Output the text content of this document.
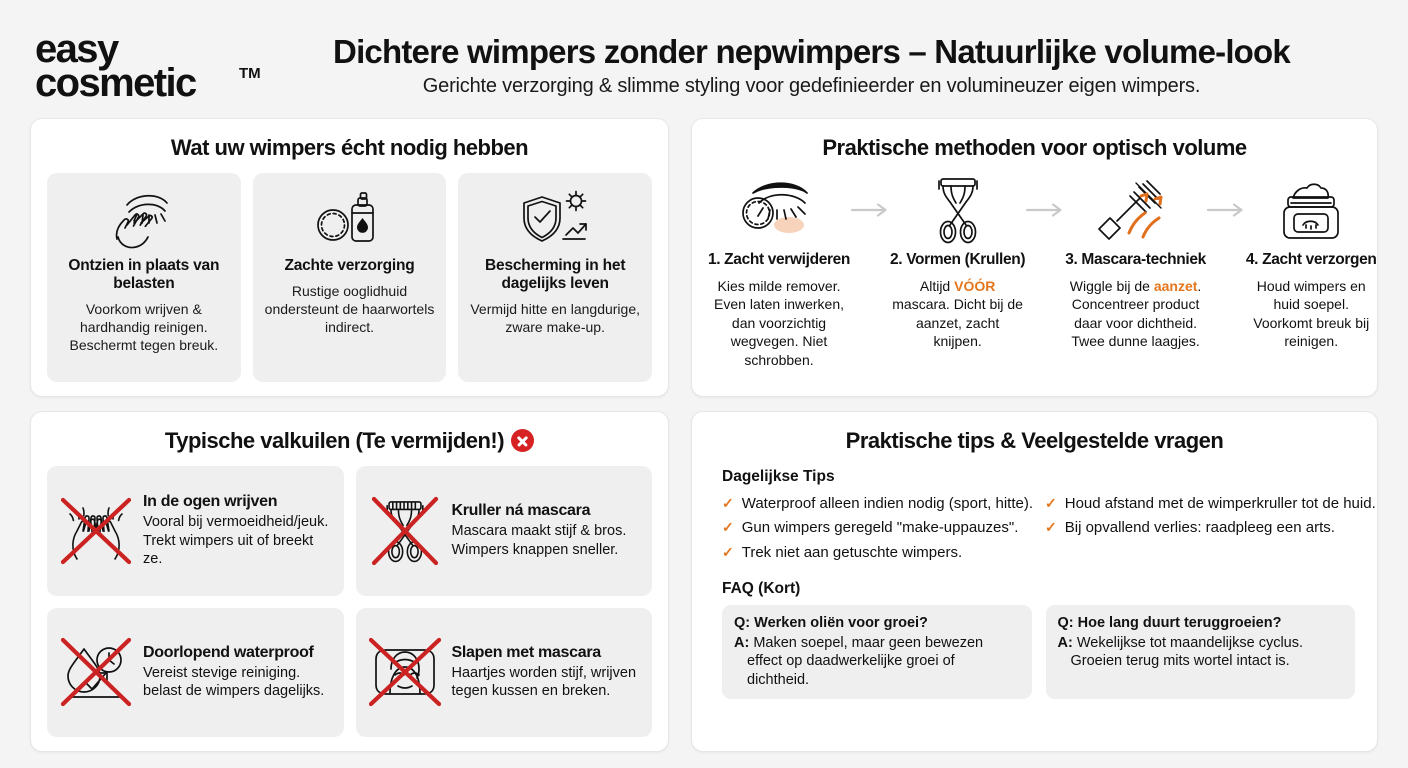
easy
cosmetic	TM
Dichtere wimpers zonder nepwimpers – Natuurlijke volume-look
Gerichte verzorging & slimme styling voor gedefinieerder en volumineuzer eigen wimpers.
Wat uw wimpers écht nodig hebben
Ontzien in plaats van belasten
Voorkom wrijven & hardhandig reinigen. Beschermt tegen breuk.
Zachte verzorging
Rustige ooglidhuid ondersteunt de haarwortels indirect.
Bescherming in het dagelijks leven
Vermijd hitte en langdurige, zware make-up.
Praktische methoden voor optisch volume
1. Zacht verwijderen
Kies milde remover. Even laten inwerken, dan voorzichtig wegvegen. Niet schrobben.
2. Vormen (Krullen)
Altijd VÓÓR mascara. Dicht bij de aanzet, zacht knijpen.
3. Mascara-techniek
Wiggle bij de aanzet. Concentreer product daar voor dichtheid. Twee dunne laagjes.
4. Zacht verzorgen
Houd wimpers en huid soepel. Voorkomt breuk bij reinigen.
Typische valkuilen (Te vermijden!)
In de ogen wrijven
Vooral bij vermoeidheid/jeuk. Trekt wimpers uit of breekt ze.
Kruller ná mascara
Mascara maakt stijf & bros. Wimpers knappen sneller.
Doorlopend waterproof
Vereist stevige reiniging. belast de wimpers dagelijks.
Slapen met mascara
Haartjes worden stijf, wrijven tegen kussen en breken.
Praktische tips & Veelgestelde vragen
Dagelijkse Tips
✓ Waterproof alleen indien nodig (sport, hitte). ✓ Houd afstand met de wimperkruller tot de huid.
✓ Gun wimpers geregeld "make-uppauzes". ✓ Bij opvallend verlies: raadpleeg een arts.
✓ Trek niet aan getuschte wimpers.
FAQ (Kort)
Q: Werken oliën voor groei?
A: Maken soepel, maar geen bewezen effect op daadwerkelijke groei of dichtheid.
Q: Hoe lang duurt teruggroeien?
A: Wekelijkse tot maandelijkse cyclus. Groeien terug mits wortel intact is.
